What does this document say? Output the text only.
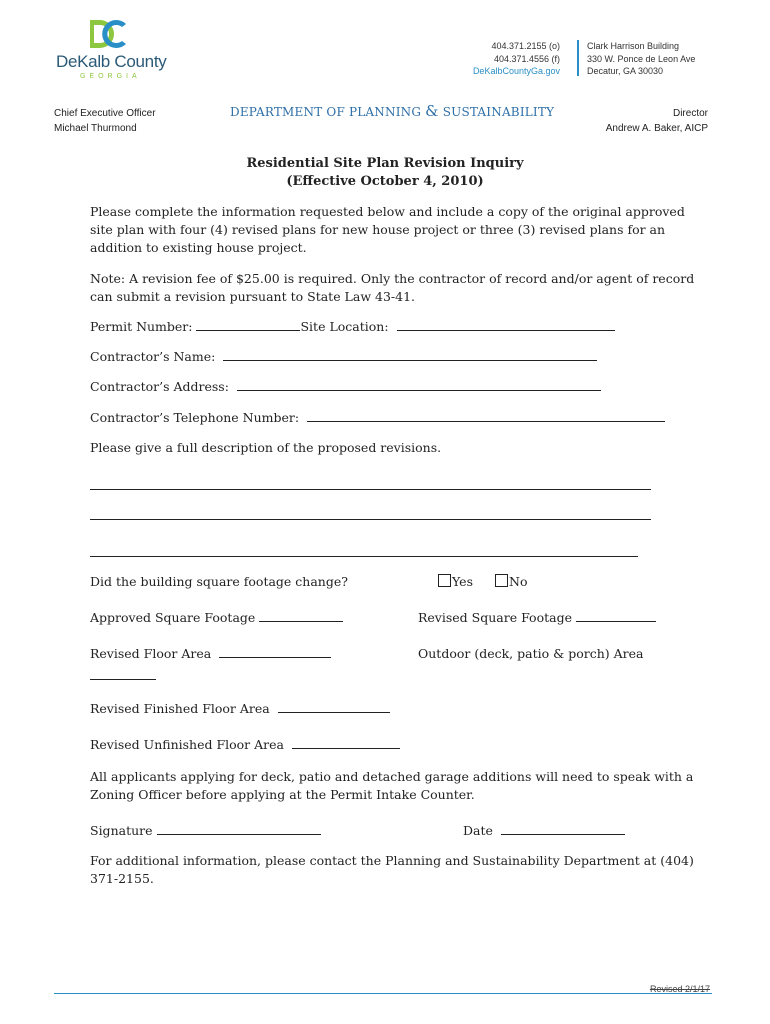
DeKalb County
GEORGIA
404.371.2155 (o)
404.371.4556 (f)
DeKalbCountyGa.gov
Clark Harrison Building
330 W. Ponce de Leon Ave
Decatur, GA 30030
Chief Executive Officer
Michael Thurmond
DEPARTMENT OF PLANNING & SUSTAINABILITY	Director
Andrew A. Baker, AICP
Residential Site Plan Revision Inquiry
(Effective October 4, 2010)
Please complete the information requested below and include a copy of the original approved site plan with four (4) revised plans for new house project or three (3) revised plans for an addition to existing house project.
Note: A revision fee of $25.00 is required. Only the contractor of record and/or agent of record can submit a revision pursuant to State Law 43-41.
Permit Number:	Site Location:
Contractor’s Name:
Contractor’s Address:
Contractor’s Telephone Number:
Please give a full description of the proposed revisions.
Did the building square footage change?	Yes	No
Approved Square Footage	Revised Square Footage
Revised Floor Area	Outdoor (deck, patio & porch) Area
Revised Finished Floor Area
Revised Unfinished Floor Area
All applicants applying for deck, patio and detached garage additions will need to speak with a Zoning Officer before applying at the Permit Intake Counter.
Signature	Date
For additional information, please contact the Planning and Sustainability Department at (404) 371-2155.
Revised 2/1/17
